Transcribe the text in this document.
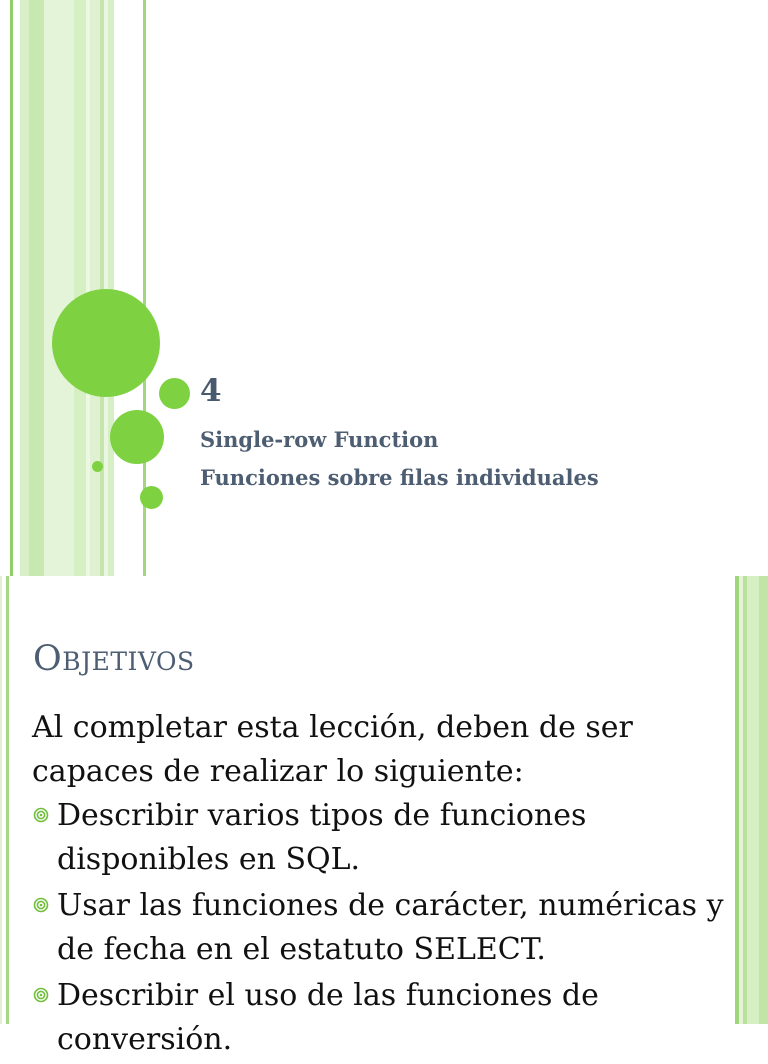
4
Single-row Function
Funciones sobre filas individuales
Objetivos
Al completar esta lección, deben de ser capaces de realizar lo siguiente:
Describir varios tipos de funciones disponibles en SQL.
Usar las funciones de carácter, numéricas y de fecha en el estatuto SELECT.
Describir el uso de las funciones de conversión.
